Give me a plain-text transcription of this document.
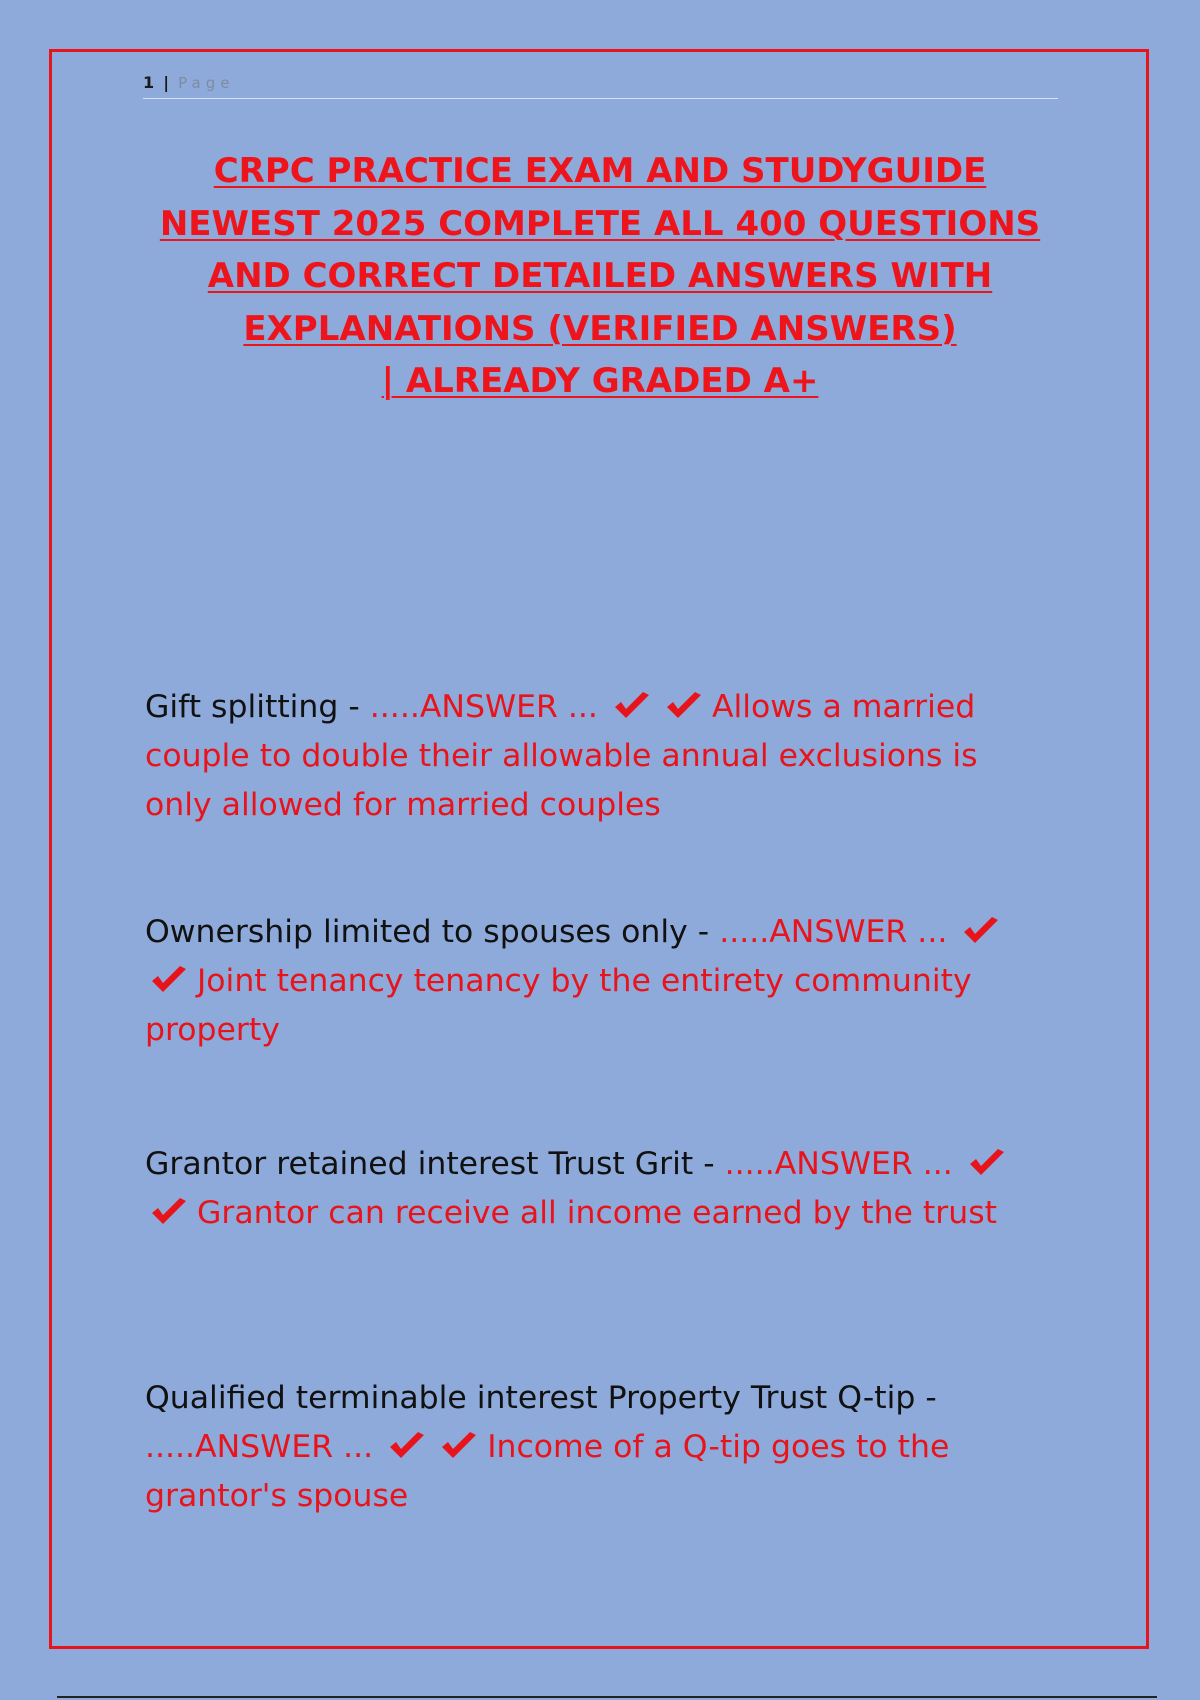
1 | Page
CRPC PRACTICE EXAM AND STUDYGUIDE
NEWEST 2025 COMPLETE ALL 400 QUESTIONS
AND CORRECT DETAILED ANSWERS WITH
EXPLANATIONS (VERIFIED ANSWERS)
| ALREADY GRADED A+
Gift splitting - .....ANSWER ...	Allows a married couple to double their allowable annual exclusions is only allowed for married couples
Ownership limited to spouses only - .....ANSWER ...
Joint tenancy tenancy by the entirety community property
Grantor retained interest Trust Grit - .....ANSWER ...
Grantor can receive all income earned by the trust
Qualified terminable interest Property Trust Q-tip - .....ANSWER ...	Income of a Q-tip goes to the grantor's spouse
